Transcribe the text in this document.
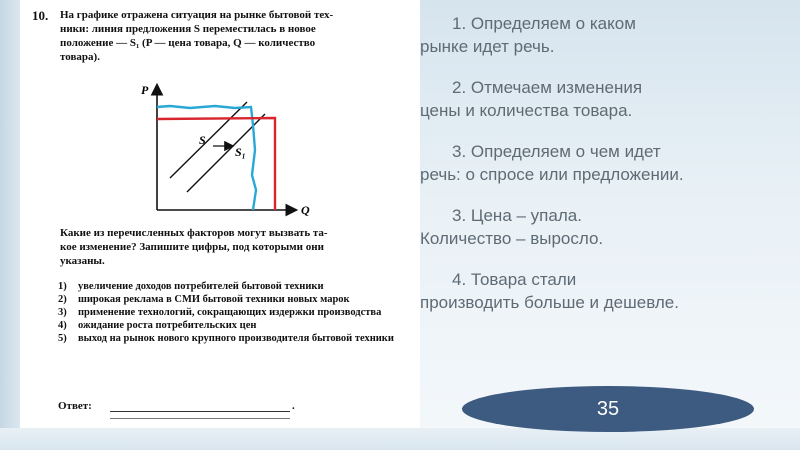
10. На графике отражена ситуация на рынке бытовой тех-
ники: линия предложения S переместилась в новое
положение — S₁ (P — цена товара, Q — количество
товара).
P
Q
S
S₁
Какие из перечисленных факторов могут вызвать та-
кое изменение? Запишите цифры, под которыми они
указаны.
1)	увеличение доходов потребителей бытовой техники
2)	широкая реклама в СМИ бытовой техники новых марок
3)	применение технологий, сокращающих издержки производства
4)	ожидание роста потребительских цен
5)	выход на рынок нового крупного производителя бытовой техники
Ответ:	.
1. Определяем о каком
рынке идет речь.
2. Отмечаем изменения
цены и количества товара.
3. Определяем о чем идет
речь: о спросе или предложении.
3. Цена – упала.
Количество – выросло.
4. Товара стали
производить больше и дешевле.
35
